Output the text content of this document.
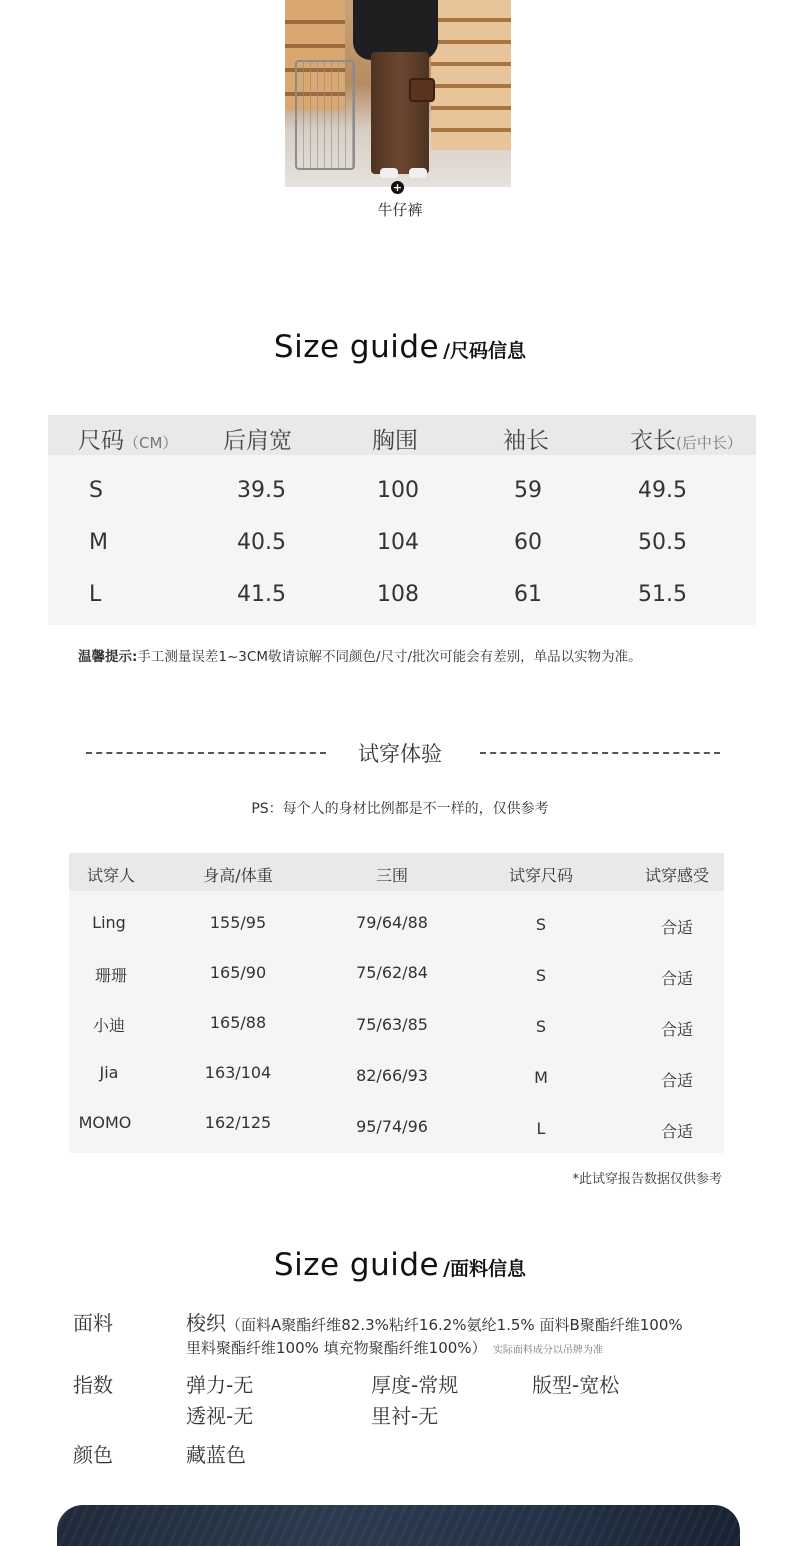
+
牛仔裤
Size guide /尺码信息
尺码（CM） 后肩宽	胸围	袖长	衣长(后中长）
S	39.5	100	59	49.5
M	40.5	104	60	50.5
L	41.5	108	61	51.5
温馨提示:手工测量误差1~3CM敬请谅解不同颜色/尺寸/批次可能会有差别，单品以实物为准。
试穿体验
PS：每个人的身材比例都是不一样的，仅供参考
试穿人	身高/体重	三围	试穿尺码	试穿感受
Ling	155/95	79/64/88	S	合适
珊珊	165/90	75/62/84	S	合适
小迪	165/88	75/63/85	S	合适
Jia	163/104	82/66/93	M	合适
MOMO	162/125	95/74/96	L	合适
*此试穿报告数据仅供参考
Size guide /面料信息
面料	梭织（面料A聚酯纤维82.3%粘纤16.2%氨纶1.5% 面料B聚酯纤维100%
里料聚酯纤维100% 填充物聚酯纤维100%） 实际面料成分以吊牌为准
指数	弹力-无	厚度-常规	版型-宽松
透视-无	里衬-无
颜色	藏蓝色
